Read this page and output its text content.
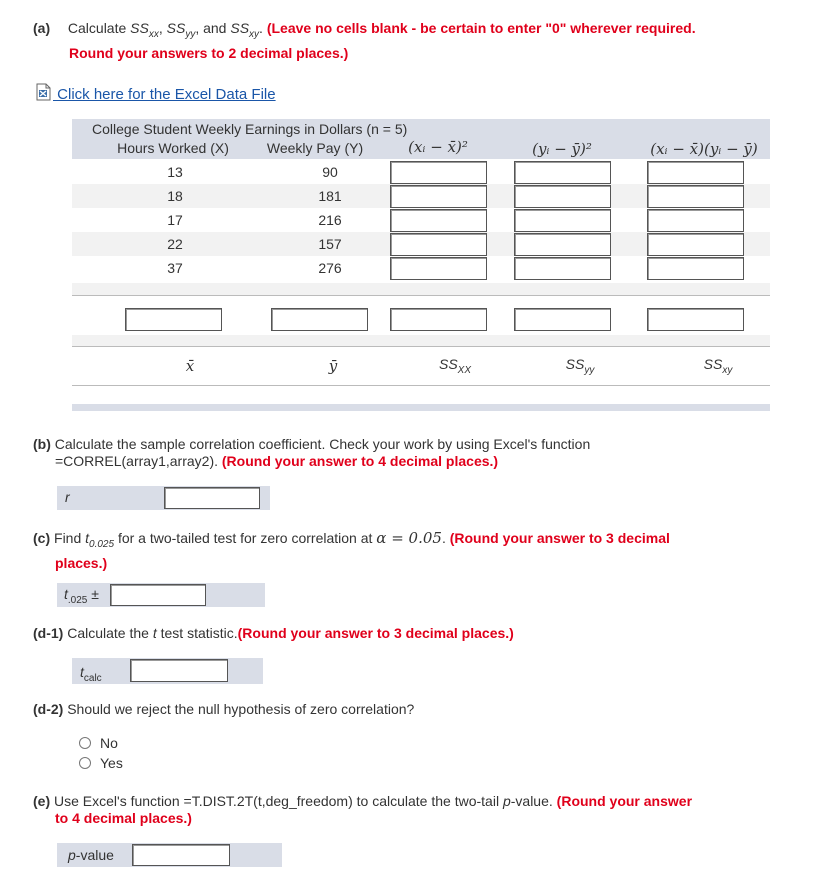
(a) Calculate $SS_{xx}$, $SS_{yy}$, and $SS_{xy}$. (Leave no cells blank - be certain to enter "0" wherever required.
Round your answers to 2 decimal places.)
Click here for the Excel Data File
College Student Weekly Earnings in Dollars (n = 5)
Hours Worked (X)	Weekly Pay (Y)	(xᵢ − x̄)²	(yᵢ − ȳ)²	(xᵢ − x̄)(yᵢ − ȳ)
13	90
18	181
17	216
22	157
37	276
x̄	ȳ	$SS_{XX}$	$SS_{yy}$	$SS_{xy}$
(b) Calculate the sample correlation coefficient. Check your work by using Excel's function
=CORREL(array1,array2). (Round your answer to 4 decimal places.)
r
(c) Find $t_{0.025}$ for a two-tailed test for zero correlation at α = 0.05. (Round your answer to 3 decimal
places.)
$t_{.025}$ ±
(d-1) Calculate the t test statistic.(Round your answer to 3 decimal places.)
$t_{calc}$
(d-2) Should we reject the null hypothesis of zero correlation?
No
Yes
(e) Use Excel's function =T.DIST.2T(t,deg_freedom) to calculate the two-tail p-value. (Round your answer
to 4 decimal places.)
p-value
